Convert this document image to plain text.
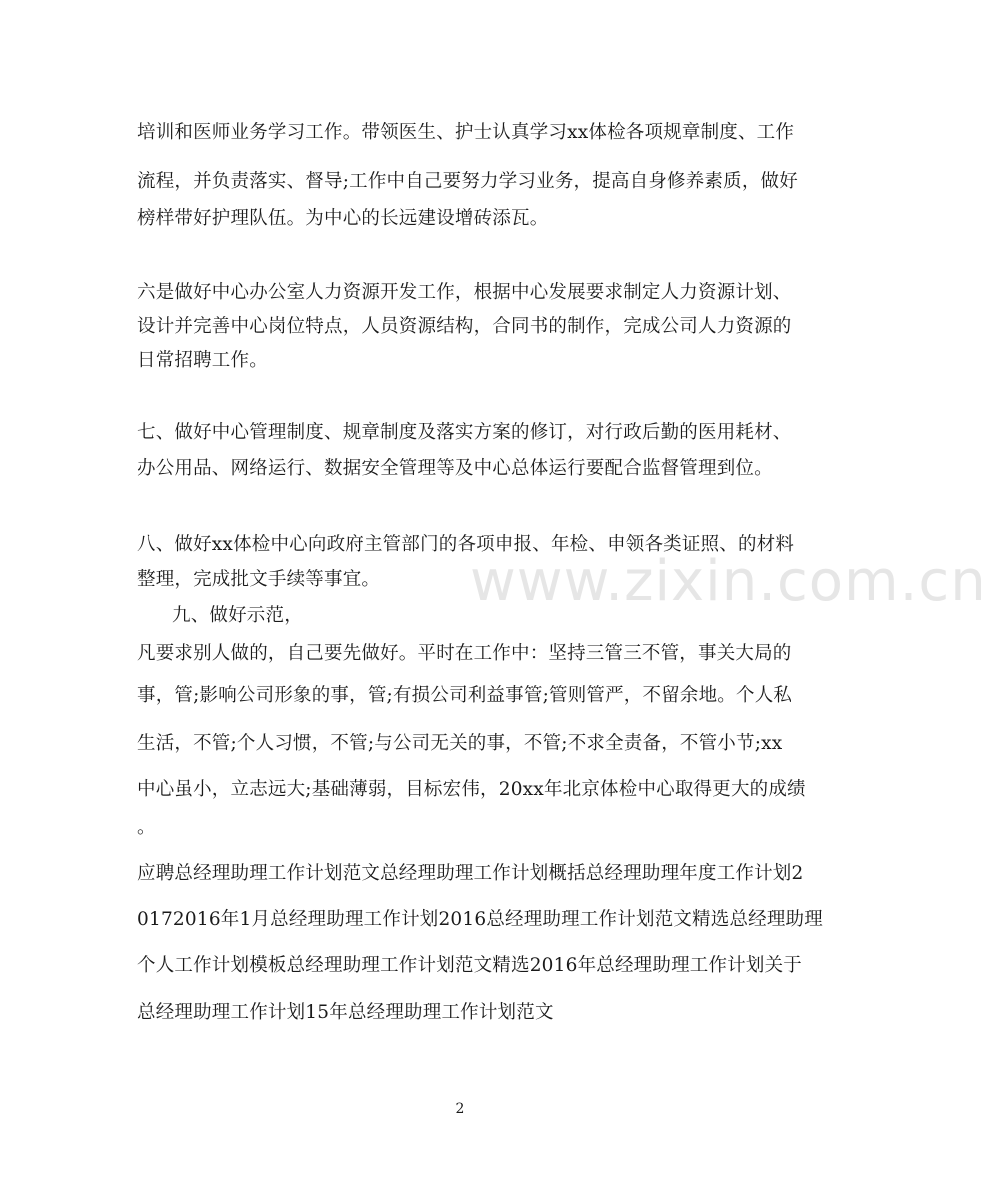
www.zixin.com.cn
培训和医师业务学习工作。带领医生、护士认真学习xx体检各项规章制度、工作
流程，并负责落实、督导;工作中自己要努力学习业务，提高自身修养素质，做好
榜样带好护理队伍。为中心的长远建设增砖添瓦。
六是做好中心办公室人力资源开发工作，根据中心发展要求制定人力资源计划、
设计并完善中心岗位特点，人员资源结构，合同书的制作，完成公司人力资源的
日常招聘工作。
七、做好中心管理制度、规章制度及落实方案的修订，对行政后勤的医用耗材、
办公用品、网络运行、数据安全管理等及中心总体运行要配合监督管理到位。
八、做好xx体检中心向政府主管部门的各项申报、年检、申领各类证照、的材料
整理，完成批文手续等事宜。
九、做好示范，
凡要求别人做的，自己要先做好。平时在工作中：坚持三管三不管，事关大局的
事，管;影响公司形象的事，管;有损公司利益事管;管则管严，不留余地。个人私
生活，不管;个人习惯，不管;与公司无关的事，不管;不求全责备，不管小节;xx
中心虽小，立志远大;基础薄弱，目标宏伟，20xx年北京体检中心取得更大的成绩
。
应聘总经理助理工作计划范文总经理助理工作计划概括总经理助理年度工作计划2
0172016年1月总经理助理工作计划2016总经理助理工作计划范文精选总经理助理
个人工作计划模板总经理助理工作计划范文精选2016年总经理助理工作计划关于
总经理助理工作计划15年总经理助理工作计划范文
2
